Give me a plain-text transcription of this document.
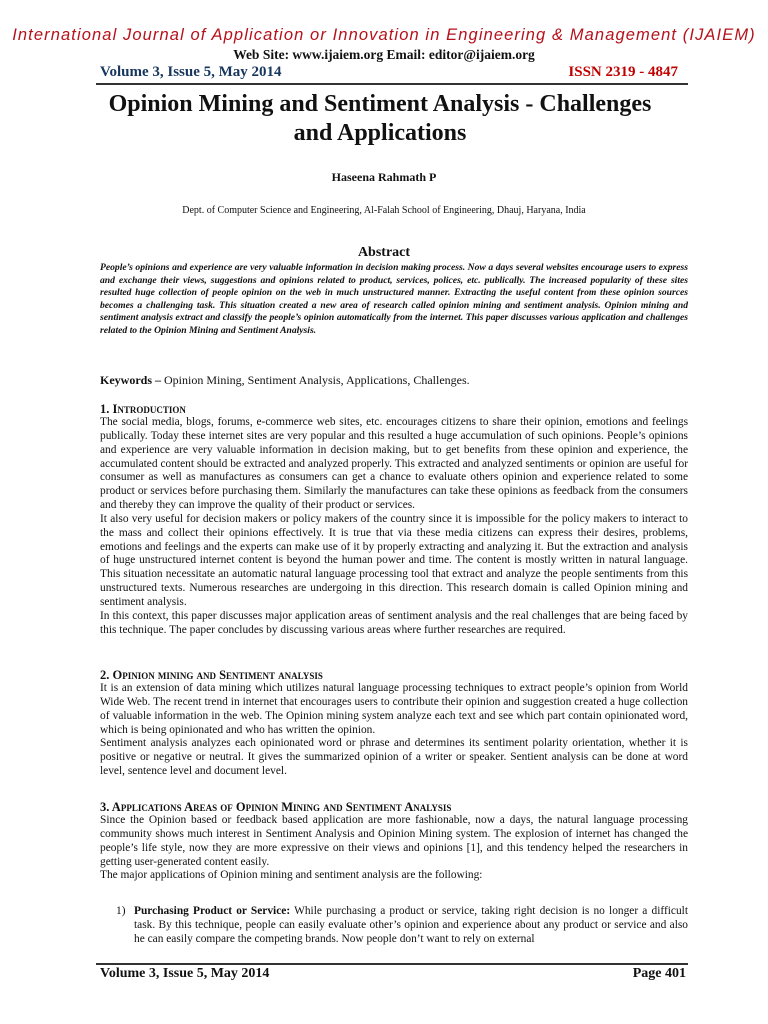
International Journal of Application or Innovation in Engineering & Management (IJAIEM)
Web Site: www.ijaiem.org Email: editor@ijaiem.org
Volume 3, Issue 5, May 2014	ISSN 2319 - 4847
Opinion Mining and Sentiment Analysis - Challenges and Applications
Haseena Rahmath P
Dept. of Computer Science and Engineering, Al-Falah School of Engineering, Dhauj, Haryana, India
Abstract
People’s opinions and experience are very valuable information in decision making process. Now a days several websites encourage users to express and exchange their views, suggestions and opinions related to product, services, polices, etc. publically. The increased popularity of these sites resulted huge collection of people opinion on the web in much unstructured manner. Extracting the useful content from these opinion sources becomes a challenging task. This situation created a new area of research called opinion mining and sentiment analysis. Opinion mining and sentiment analysis extract and classify the people’s opinion automatically from the internet. This paper discusses various application and challenges related to the Opinion Mining and Sentiment Analysis.
Keywords – Opinion Mining, Sentiment Analysis, Applications, Challenges.
1. Introduction

The social media, blogs, forums, e-commerce web sites, etc. encourages citizens to share their opinion, emotions and feelings publically. Today these internet sites are very popular and this resulted a huge accumulation of such opinions. People’s opinions and experience are very valuable information in decision making, but to get benefits from these opinion and experience, the accumulated content should be extracted and analyzed properly. This extracted and analyzed sentiments or opinion are useful for consumer as well as manufactures as consumers can get a chance to evaluate others opinion and experience related to some product or services before purchasing them. Similarly the manufactures can take these opinions as feedback from the consumers and thereby they can improve the quality of their product or services.

It also very useful for decision makers or policy makers of the country since it is impossible for the policy makers to interact to the mass and collect their opinions effectively. It is true that via these media citizens can express their desires, problems, emotions and feelings and the experts can make use of it by properly extracting and analyzing it. But the extraction and analysis of huge unstructured internet content is beyond the human power and time. The content is mostly written in natural language. This situation necessitate an automatic natural language processing tool that extract and analyze the people sentiments from this unstructured texts. Numerous researches are undergoing in this direction. This research domain is called Opinion mining and sentiment analysis.

In this context, this paper discusses major application areas of sentiment analysis and the real challenges that are being faced by this technique. The paper concludes by discussing various areas where further researches are required.

2. Opinion mining and Sentiment analysis

It is an extension of data mining which utilizes natural language processing techniques to extract people’s opinion from World Wide Web. The recent trend in internet that encourages users to contribute their opinion and suggestion created a huge collection of valuable information in the web. The Opinion mining system analyze each text and see which part contain opinionated word, which is being opinionated and who has written the opinion.

Sentiment analysis analyzes each opinionated word or phrase and determines its sentiment polarity orientation, whether it is positive or negative or neutral. It gives the summarized opinion of a writer or speaker. Sentient analysis can be done at word level, sentence level and document level.

3. Applications Areas of Opinion Mining and Sentiment Analysis

Since the Opinion based or feedback based application are more fashionable, now a days, the natural language processing community shows much interest in Sentiment Analysis and Opinion Mining system. The explosion of internet has changed the people’s life style, now they are more expressive on their views and opinions [1], and this tendency helped the researchers in getting user-generated content easily.

The major applications of Opinion mining and sentiment analysis are the following:

1) Purchasing Product or Service: While purchasing a product or service, taking right decision is no longer a difficult task. By this technique, people can easily evaluate other’s opinion and experience about any product or service and also he can easily compare the competing brands. Now people don’t want to rely on external
Volume 3, Issue 5, May 2014	Page 401
